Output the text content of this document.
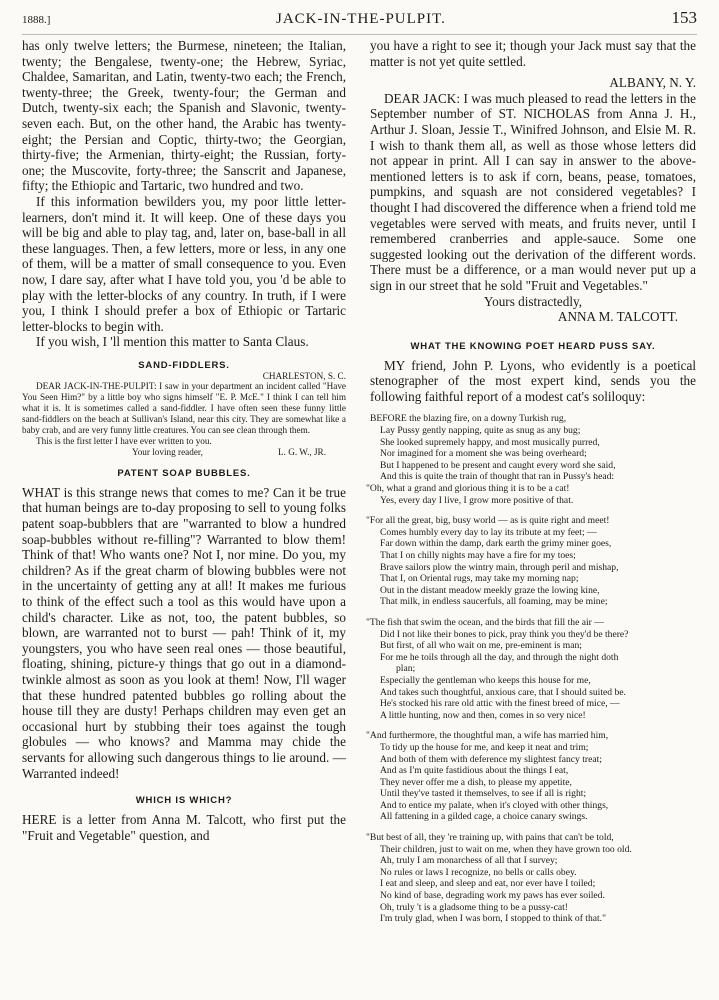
1888.]	JACK-IN-THE-PULPIT.	153

has only twelve letters; the Burmese, nineteen; the Italian, twenty; the Bengalese, twenty-one; the Hebrew, Syriac, Chaldee, Samaritan, and Latin, twenty-two each; the French, twenty-three; the Greek, twenty-four; the German and Dutch, twenty-six each; the Spanish and Slavonic, twenty-seven each. But, on the other hand, the Arabic has twenty-eight; the Persian and Coptic, thirty-two; the Georgian, thirty-five; the Armenian, thirty-eight; the Russian, forty-one; the Muscovite, forty-three; the Sanscrit and Japanese, fifty; the Ethiopic and Tartaric, two hundred and two.

If this information bewilders you, my poor little letter-learners, don't mind it. It will keep. One of these days you will be big and able to play tag, and, later on, base-ball in all these languages. Then, a few letters, more or less, in any one of them, will be a matter of small consequence to you. Even now, I dare say, after what I have told you, you 'd be able to play with the letter-blocks of any country. In truth, if I were you, I think I should prefer a box of Ethiopic or Tartaric letter-blocks to begin with.

If you wish, I 'll mention this matter to Santa Claus.

SAND-FIDDLERS.
CHARLESTON, S. C.

DEAR JACK-IN-THE-PULPIT: I saw in your department an incident called "Have You Seen Him?" by a little boy who signs himself "E. P. McE." I think I can tell him what it is. It is sometimes called a sand-fiddler. I have often seen these funny little sand-fiddlers on the beach at Sullivan's Island, near this city. They are somewhat like a baby crab, and are very funny little creatures. You can see clean through them.

This is the first letter I have ever written to you.

Your loving reader,	L. G. W., JR.
PATENT SOAP BUBBLES.

WHAT is this strange news that comes to me? Can it be true that human beings are to-day proposing to sell to young folks patent soap-bubblers that are "warranted to blow a hundred soap-bubbles without re-filling"? Warranted to blow them! Think of that! Who wants one? Not I, nor mine. Do you, my children? As if the great charm of blowing bubbles were not in the uncertainty of getting any at all! It makes me furious to think of the effect such a tool as this would have upon a child's character. Like as not, too, the patent bubbles, so blown, are warranted not to burst — pah! Think of it, my youngsters, you who have seen real ones — those beautiful, floating, shining, picture-y things that go out in a diamond-twinkle almost as soon as you look at them! Now, I'll wager that these hundred patented bubbles go rolling about the house till they are dusty! Perhaps children may even get an occasional hurt by stubbing their toes against the tough globules — who knows? and Mamma may chide the servants for allowing such dangerous things to lie around. — Warranted indeed!

WHICH IS WHICH?

HERE is a letter from Anna M. Talcott, who first put the "Fruit and Vegetable" question, and

you have a right to see it; though your Jack must say that the matter is not yet quite settled.

ALBANY, N. Y.

DEAR JACK: I was much pleased to read the letters in the September number of ST. NICHOLAS from Anna J. H., Arthur J. Sloan, Jessie T., Winifred Johnson, and Elsie M. R. I wish to thank them all, as well as those whose letters did not appear in print. All I can say in answer to the above-mentioned letters is to ask if corn, beans, pease, tomatoes, pumpkins, and squash are not considered vegetables? I thought I had discovered the difference when a friend told me vegetables were served with meats, and fruits never, until I remembered cranberries and apple-sauce. Some one suggested looking out the derivation of the different words. There must be a difference, or a man would never put up a sign in our street that he sold "Fruit and Vegetables."

Yours distractedly,
ANNA M. TALCOTT.
WHAT THE KNOWING POET HEARD PUSS SAY.

MY friend, John P. Lyons, who evidently is a poetical stenographer of the most expert kind, sends you the following faithful report of a modest cat's soliloquy:

BEFORE the blazing fire, on a downy Turkish rug,
Lay Pussy gently napping, quite as snug as any bug;
She looked supremely happy, and most musically purred,
Nor imagined for a moment she was being overheard;
But I happened to be present and caught every word she said,
And this is quite the train of thought that ran in Pussy's head:
"Oh, what a grand and glorious thing it is to be a cat!
Yes, every day I live, I grow more positive of that.
"For all the great, big, busy world — as is quite right and meet!
Comes humbly every day to lay its tribute at my feet; —
Far down within the damp, dark earth the grimy miner goes,
That I on chilly nights may have a fire for my toes;
Brave sailors plow the wintry main, through peril and mishap,
That I, on Oriental rugs, may take my morning nap;
Out in the distant meadow meekly graze the lowing kine,
That milk, in endless saucerfuls, all foaming, may be mine;
"The fish that swim the ocean, and the birds that fill the air —
Did I not like their bones to pick, pray think you they'd be there?
But first, of all who wait on me, pre-eminent is man;
For me he toils through all the day, and through the night doth
plan;
Especially the gentleman who keeps this house for me,
And takes such thoughtful, anxious care, that I should suited be.
He's stocked his rare old attic with the finest breed of mice, —
A little hunting, now and then, comes in so very nice!
"And furthermore, the thoughtful man, a wife has married him,
To tidy up the house for me, and keep it neat and trim;
And both of them with deference my slightest fancy treat;
And as I'm quite fastidious about the things I eat,
They never offer me a dish, to please my appetite,
Until they've tasted it themselves, to see if all is right;
And to entice my palate, when it's cloyed with other things,
All fattening in a gilded cage, a choice canary swings.
"But best of all, they 're training up, with pains that can't be told,
Their children, just to wait on me, when they have grown too old.
Ah, truly I am monarchess of all that I survey;
No rules or laws I recognize, no bells or calls obey.
I eat and sleep, and sleep and eat, nor ever have I toiled;
No kind of base, degrading work my paws has ever soiled.
Oh, truly 't is a gladsome thing to be a pussy-cat!
I'm truly glad, when I was born, I stopped to think of that."
